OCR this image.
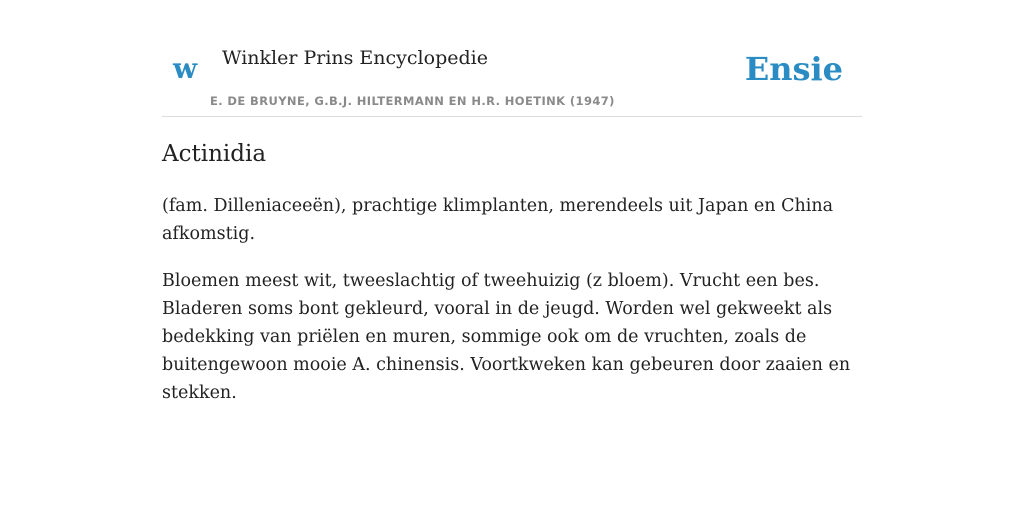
w Winkler Prins Encyclopedie
E. DE BRUYNE, G.B.J. HILTERMANN EN H.R. HOETINK (1947)
Ensie
Actinidia

(fam. Dilleniaceeën), prachtige klimplanten, merendeels uit Japan en China afkomstig.

Bloemen meest wit, tweeslachtig of tweehuizig (z bloem). Vrucht een bes. Bladeren soms bont gekleurd, vooral in de jeugd. Worden wel gekweekt als bedekking van priëlen en muren, sommige ook om de vruchten, zoals de buitengewoon mooie A. chinensis. Voortkweken kan gebeuren door zaaien en stekken.
